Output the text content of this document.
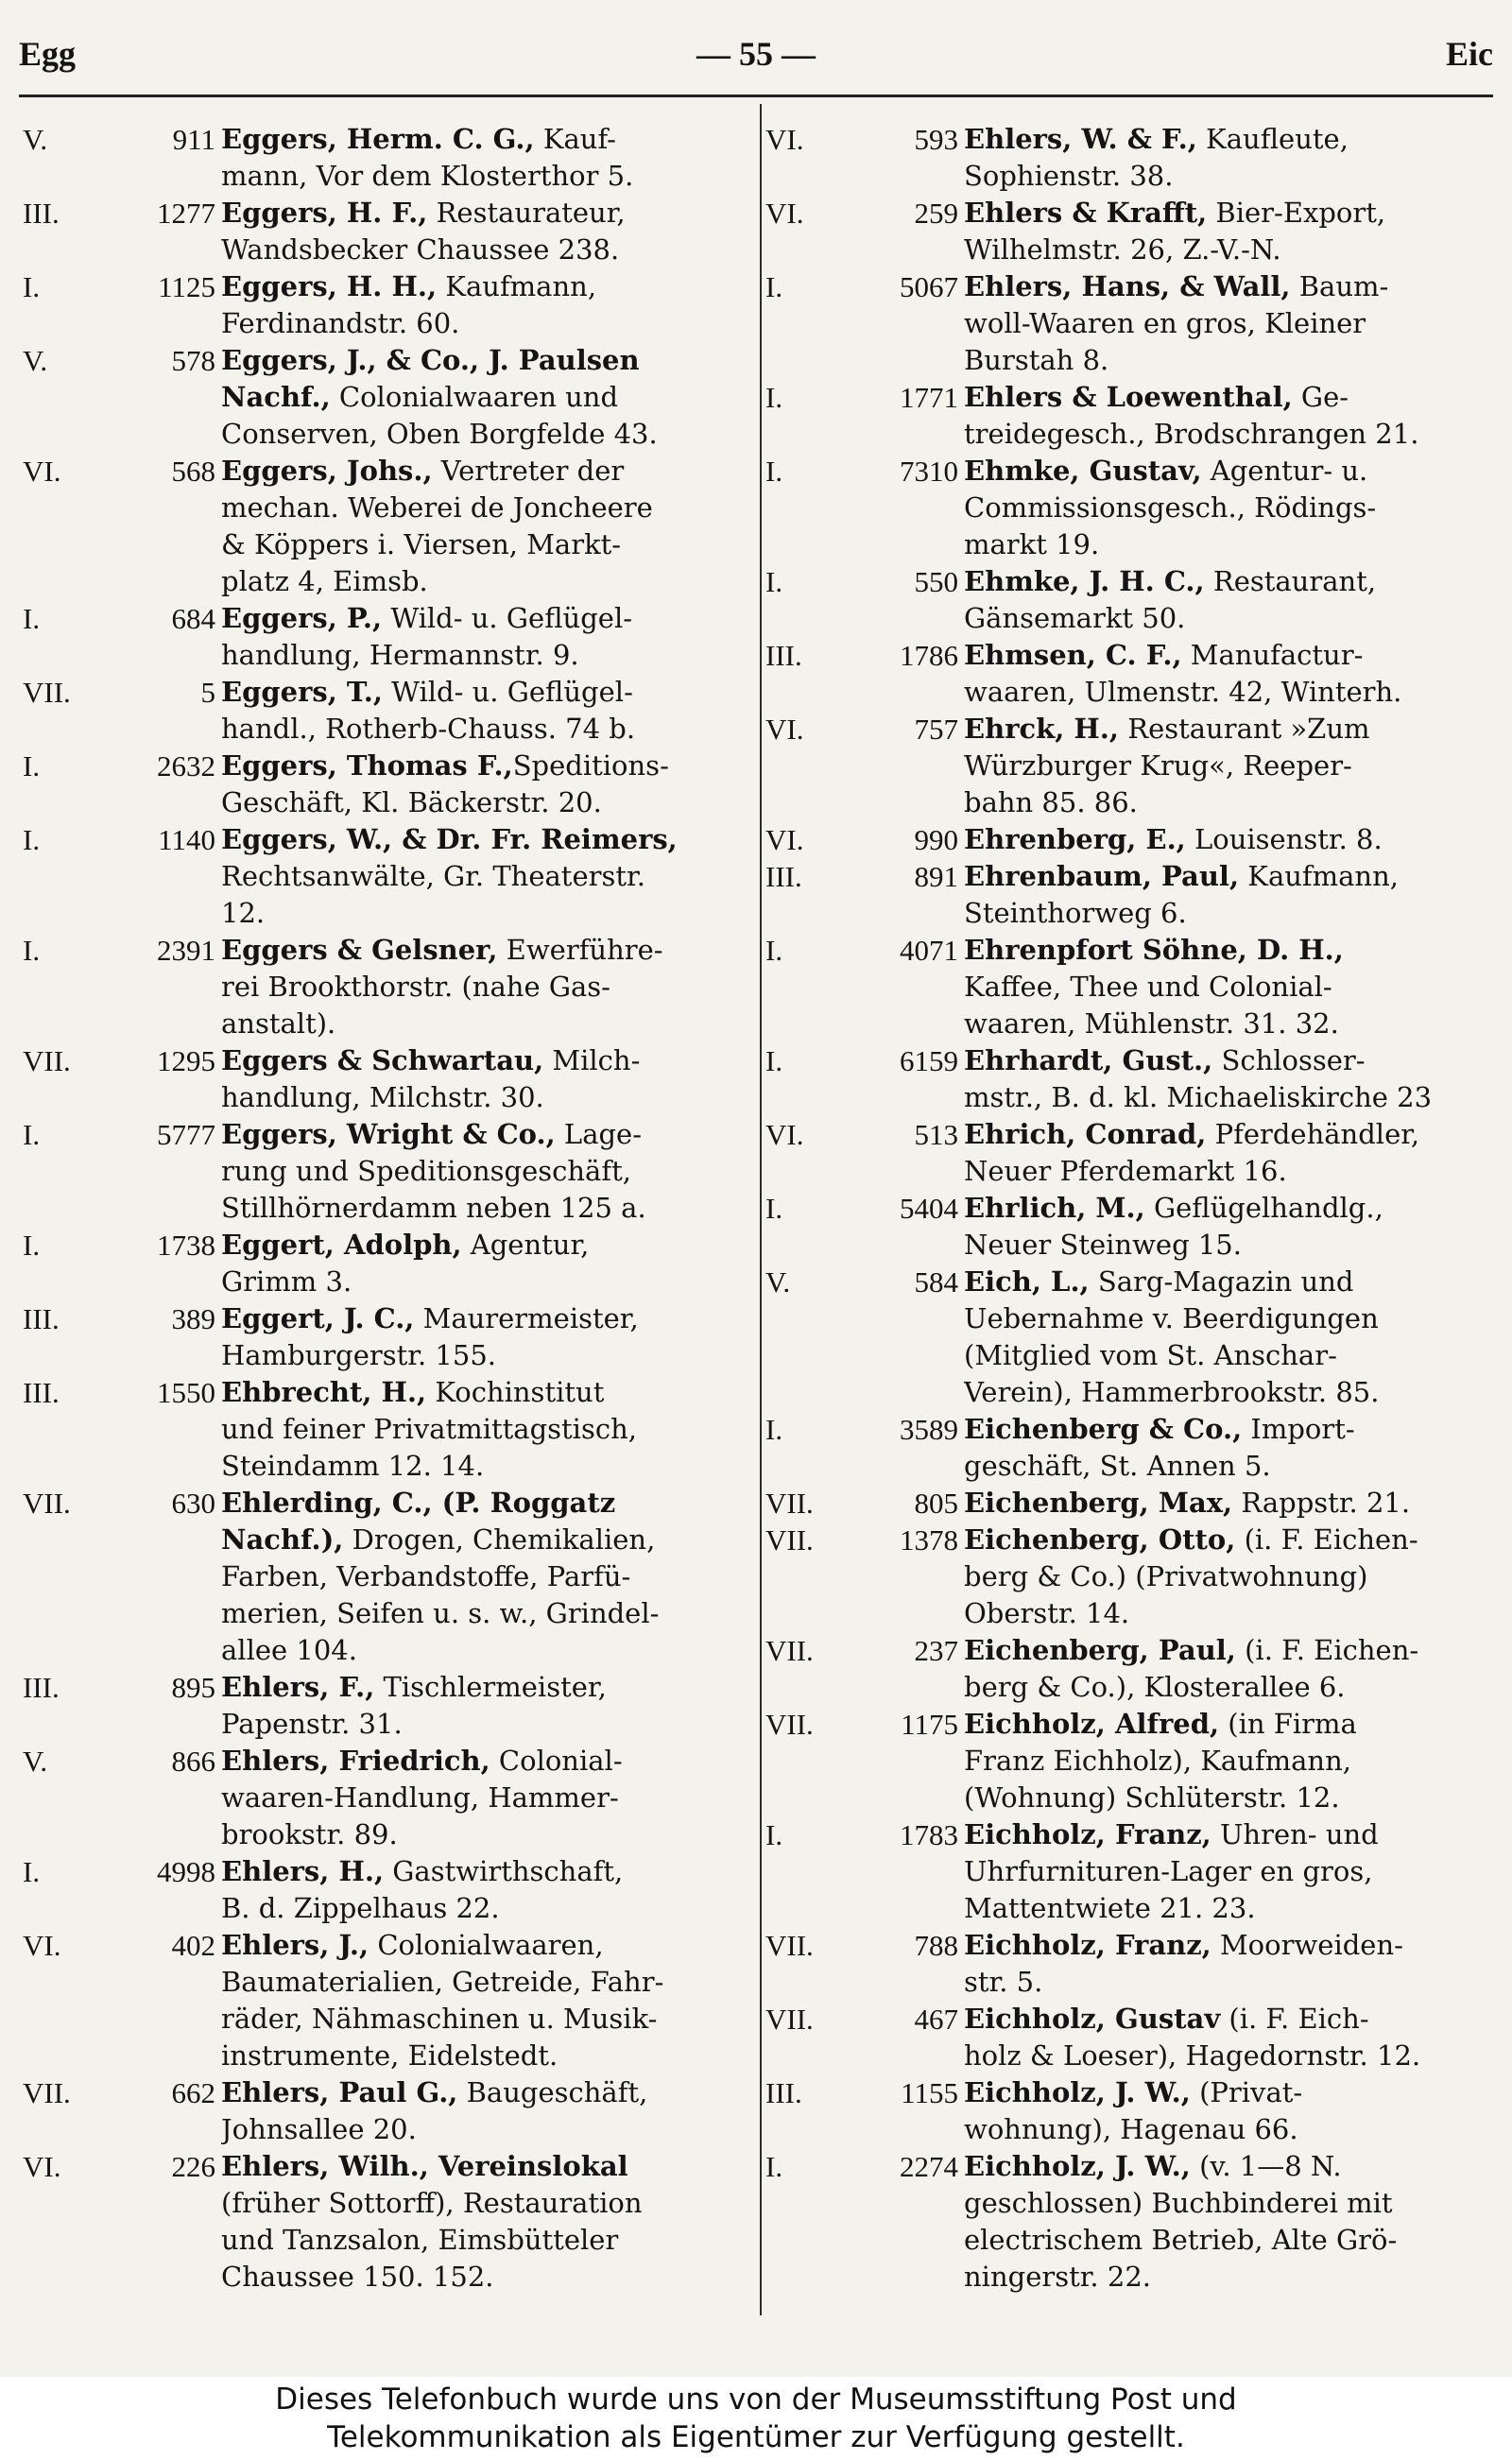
Egg	— 55 —	Eic
V.	911 Eggers, Herm. C. G., Kauf-
mann, Vor dem Klosterthor 5.
III.	1277 Eggers, H. F., Restaurateur,
Wandsbecker Chaussee 238.
I.	1125 Eggers, H. H., Kaufmann,
Ferdinandstr. 60.
V.	578 Eggers, J., & Co., J. Paulsen
Nachf., Colonialwaaren und
Conserven, Oben Borgfelde 43.
VI.	568 Eggers, Johs., Vertreter der
mechan. Weberei de Joncheere
& Köppers i. Viersen, Markt-
platz 4, Eimsb.
I.	684 Eggers, P., Wild- u. Geflügel-
handlung, Hermannstr. 9.
VII.	5 Eggers, T., Wild- u. Geflügel-
handl., Rotherb-Chauss. 74 b.
I.	2632 Eggers, Thomas F.,Speditions-
Geschäft, Kl. Bäckerstr. 20.
I.	1140 Eggers, W., & Dr. Fr. Reimers,
Rechtsanwälte, Gr. Theaterstr.
12.
I.	2391 Eggers & Gelsner, Ewerführe-
rei Brookthorstr. (nahe Gas-
anstalt).
VII.	1295 Eggers & Schwartau, Milch-
handlung, Milchstr. 30.
I.	5777 Eggers, Wright & Co., Lage-
rung und Speditionsgeschäft,
Stillhörnerdamm neben 125 a.
I.	1738 Eggert, Adolph, Agentur,
Grimm 3.
III.	389 Eggert, J. C., Maurermeister,
Hamburgerstr. 155.
III.	1550 Ehbrecht, H., Kochinstitut
und feiner Privatmittagstisch,
Steindamm 12. 14.
VII.	630 Ehlerding, C., (P. Roggatz
Nachf.), Drogen, Chemikalien,
Farben, Verbandstoffe, Parfü-
merien, Seifen u. s. w., Grindel-
allee 104.
III.	895 Ehlers, F., Tischlermeister,
Papenstr. 31.
V.	866 Ehlers, Friedrich, Colonial-
waaren-Handlung, Hammer-
brookstr. 89.
I.	4998 Ehlers, H., Gastwirthschaft,
B. d. Zippelhaus 22.
VI.	402 Ehlers, J., Colonialwaaren,
Baumaterialien, Getreide, Fahr-
räder, Nähmaschinen u. Musik-
instrumente, Eidelstedt.
VII.	662 Ehlers, Paul G., Baugeschäft,
Johnsallee 20.
VI.	226 Ehlers, Wilh., Vereinslokal
(früher Sottorff), Restauration
und Tanzsalon, Eimsbütteler
Chaussee 150. 152.
VI.	593 Ehlers, W. & F., Kaufleute,
Sophienstr. 38.
VI.	259 Ehlers & Krafft, Bier-Export,
Wilhelmstr. 26, Z.-V.-N.
I.	5067 Ehlers, Hans, & Wall, Baum-
woll-Waaren en gros, Kleiner
Burstah 8.
I.	1771 Ehlers & Loewenthal, Ge-
treidegesch., Brodschrangen 21.
I.	7310 Ehmke, Gustav, Agentur- u.
Commissionsgesch., Rödings-
markt 19.
I.	550 Ehmke, J. H. C., Restaurant,
Gänsemarkt 50.
III.	1786 Ehmsen, C. F., Manufactur-
waaren, Ulmenstr. 42, Winterh.
VI.	757 Ehrck, H., Restaurant »Zum
Würzburger Krug«, Reeper-
bahn 85. 86.
VI.	990 Ehrenberg, E., Louisenstr. 8.
III.	891 Ehrenbaum, Paul, Kaufmann,
Steinthorweg 6.
I.	4071 Ehrenpfort Söhne, D. H.,
Kaffee, Thee und Colonial-
waaren, Mühlenstr. 31. 32.
I.	6159 Ehrhardt, Gust., Schlosser-
mstr., B. d. kl. Michaeliskirche 23
VI.	513 Ehrich, Conrad, Pferdehändler,
Neuer Pferdemarkt 16.
I.	5404 Ehrlich, M., Geflügelhandlg.,
Neuer Steinweg 15.
V.	584 Eich, L., Sarg-Magazin und
Uebernahme v. Beerdigungen
(Mitglied vom St. Anschar-
Verein), Hammerbrookstr. 85.
I.	3589 Eichenberg & Co., Import-
geschäft, St. Annen 5.
VII.	805 Eichenberg, Max, Rappstr. 21.
VII.	1378 Eichenberg, Otto, (i. F. Eichen-
berg & Co.) (Privatwohnung)
Oberstr. 14.
VII.	237 Eichenberg, Paul, (i. F. Eichen-
berg & Co.), Klosterallee 6.
VII.	1175 Eichholz, Alfred, (in Firma
Franz Eichholz), Kaufmann,
(Wohnung) Schlüterstr. 12.
I.	1783 Eichholz, Franz, Uhren- und
Uhrfurnituren-Lager en gros,
Mattentwiete 21. 23.
VII.	788 Eichholz, Franz, Moorweiden-
str. 5.
VII.	467 Eichholz, Gustav (i. F. Eich-
holz & Loeser), Hagedornstr. 12.
III.	1155 Eichholz, J. W., (Privat-
wohnung), Hagenau 66.
I.	2274 Eichholz, J. W., (v. 1—8 N.
geschlossen) Buchbinderei mit
electrischem Betrieb, Alte Grö-
ningerstr. 22.
Dieses Telefonbuch wurde uns von der Museumsstiftung Post und
Telekommunikation als Eigentümer zur Verfügung gestellt.
